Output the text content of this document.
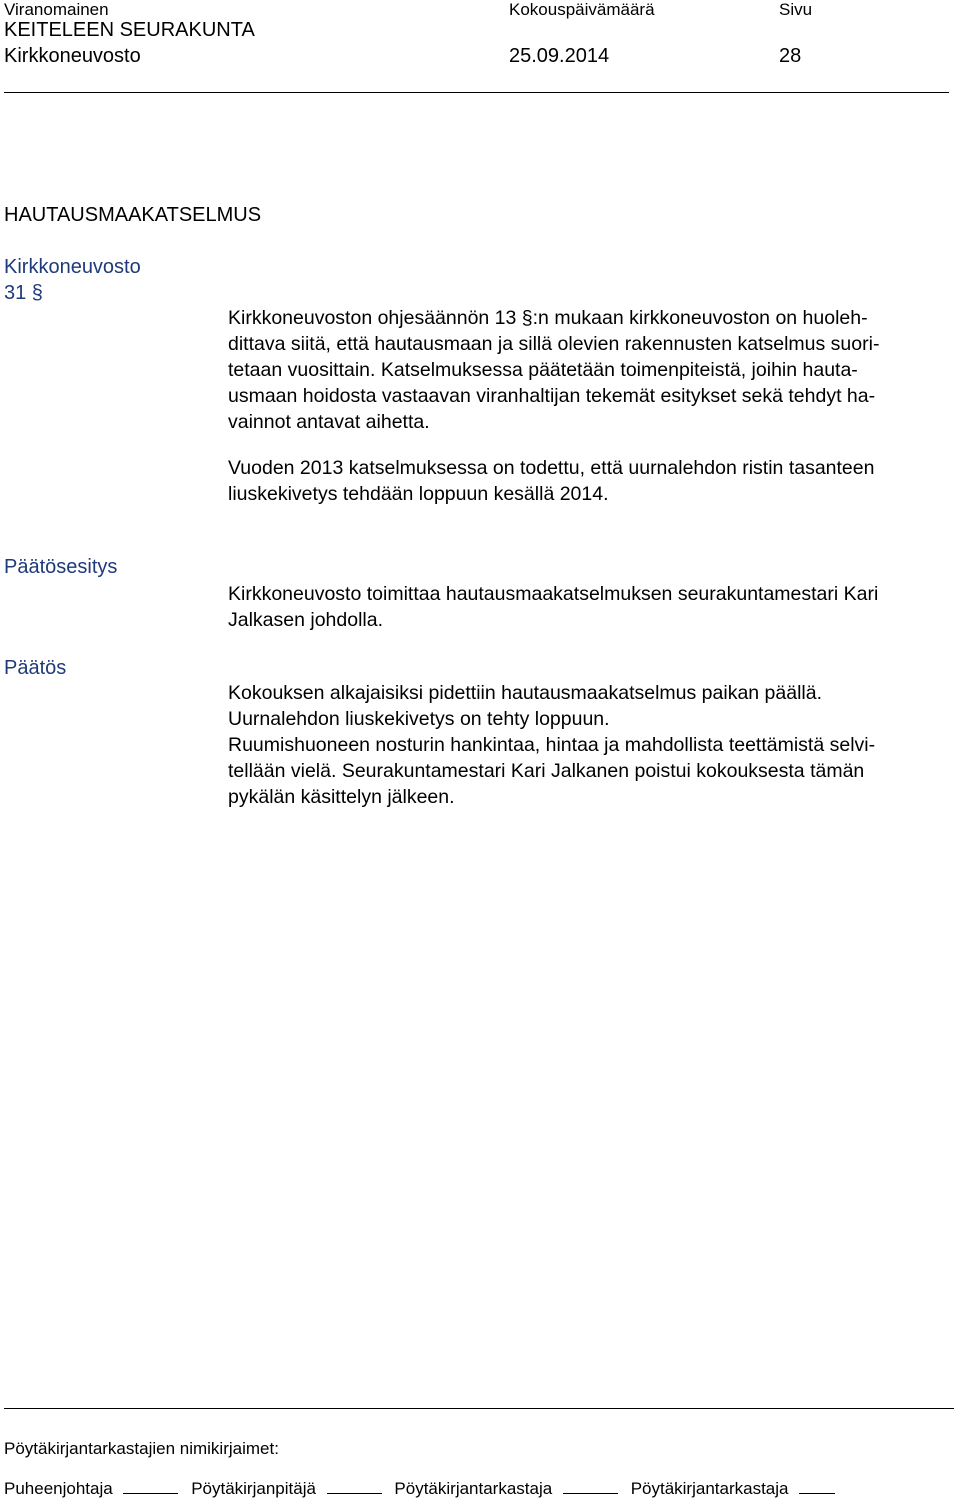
Viranomainen	Kokouspäivämäärä	Sivu
KEITELEEN SEURAKUNTA
Kirkkoneuvosto	25.09.2014	28
HAUTAUSMAAKATSELMUS
Kirkkoneuvosto
31 §
Kirkkoneuvoston ohjesäännön 13 §:n mukaan kirkkoneuvoston on huoleh-
dittava siitä, että hautausmaan ja sillä olevien rakennusten katselmus suori-
tetaan vuosittain. Katselmuksessa päätetään toimenpiteistä, joihin hauta-
usmaan hoidosta vastaavan viranhaltijan tekemät esitykset sekä tehdyt ha-
vainnot antavat aihetta.
Vuoden 2013 katselmuksessa on todettu, että uurnalehdon ristin tasanteen
liuskekivetys tehdään loppuun kesällä 2014.
Päätösesitys
Kirkkoneuvosto toimittaa hautausmaakatselmuksen seurakuntamestari Kari
Jalkasen johdolla.
Päätös
Kokouksen alkajaisiksi pidettiin hautausmaakatselmus paikan päällä.
Uurnalehdon liuskekivetys on tehty loppuun.
Ruumishuoneen nosturin hankintaa, hintaa ja mahdollista teettämistä selvi-
tellään vielä. Seurakuntamestari Kari Jalkanen poistui kokouksesta tämän
pykälän käsittelyn jälkeen.
Pöytäkirjantarkastajien nimikirjaimet:
Puheenjohtaja	Pöytäkirjanpitäjä	Pöytäkirjantarkastaja	Pöytäkirjantarkastaja
